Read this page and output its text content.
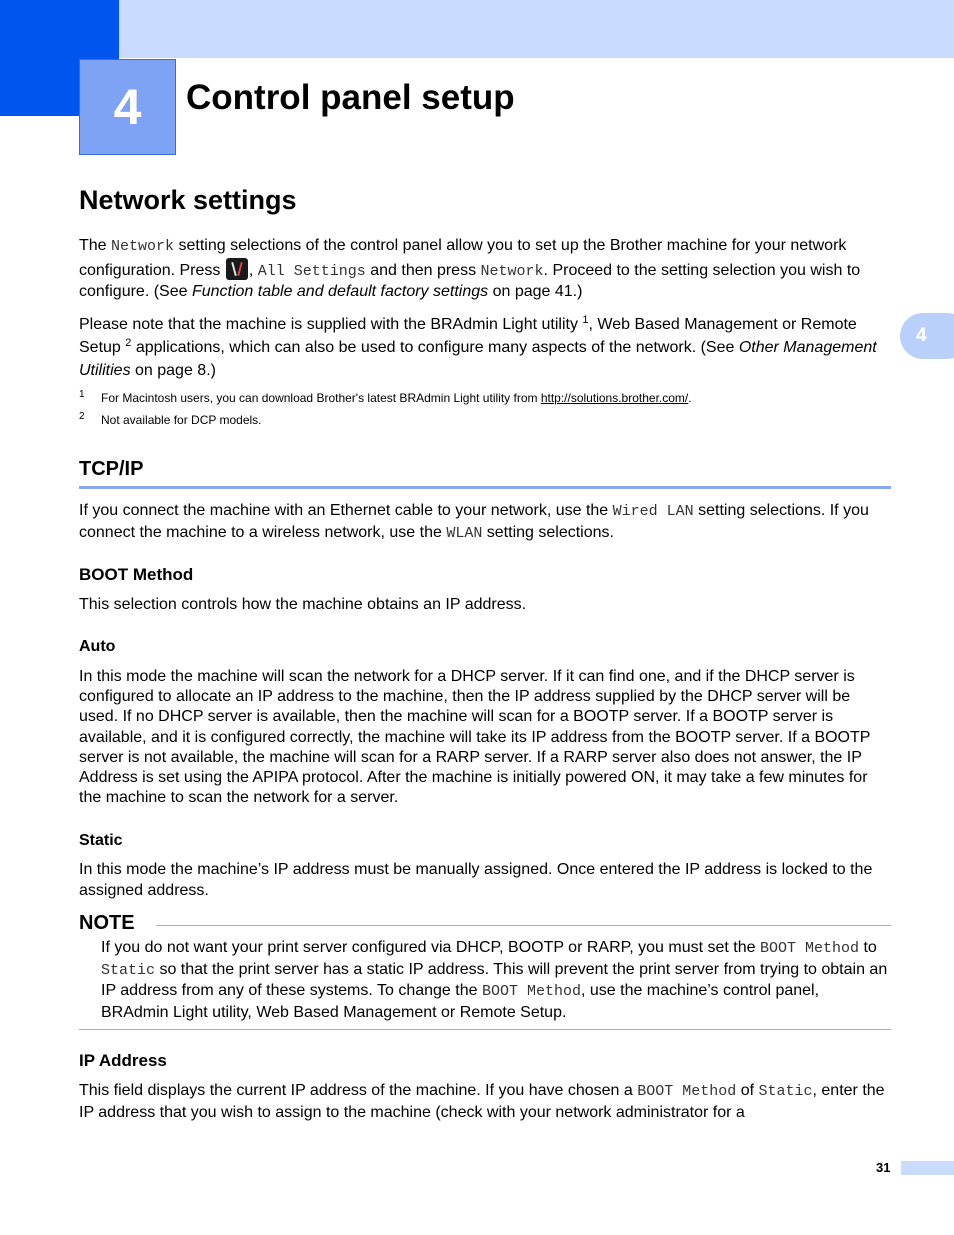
4	Control panel setup
4
Network settings

The Network setting selections of the control panel allow you to set up the Brother machine for your network configuration. Press , All Settings and then press Network. Proceed to the setting selection you wish to configure. (See Function table and default factory settings on page 41.)

Please note that the machine is supplied with the BRAdmin Light utility $^1$, Web Based Management or Remote Setup $^2$ applications, which can also be used to configure many aspects of the network. (See Other Management Utilities on page 8.)

1 For Macintosh users, you can download Brother's latest BRAdmin Light utility from http://solutions.brother.com/.
2 Not available for DCP models.
TCP/IP

If you connect the machine with an Ethernet cable to your network, use the Wired LAN setting selections. If you connect the machine to a wireless network, use the WLAN setting selections.

BOOT Method

This selection controls how the machine obtains an IP address.

Auto

In this mode the machine will scan the network for a DHCP server. If it can find one, and if the DHCP server is configured to allocate an IP address to the machine, then the IP address supplied by the DHCP server will be used. If no DHCP server is available, then the machine will scan for a BOOTP server. If a BOOTP server is available, and it is configured correctly, the machine will take its IP address from the BOOTP server. If a BOOTP server is not available, the machine will scan for a RARP server. If a RARP server also does not answer, the IP Address is set using the APIPA protocol. After the machine is initially powered ON, it may take a few minutes for the machine to scan the network for a server.

Static

In this mode the machine’s IP address must be manually assigned. Once entered the IP address is locked to the assigned address.

NOTE

If you do not want your print server configured via DHCP, BOOTP or RARP, you must set the BOOT Method to Static so that the print server has a static IP address. This will prevent the print server from trying to obtain an IP address from any of these systems. To change the BOOT Method, use the machine’s control panel, BRAdmin Light utility, Web Based Management or Remote Setup.

IP Address

This field displays the current IP address of the machine. If you have chosen a BOOT Method of Static, enter the IP address that you wish to assign to the machine (check with your network administrator for a

31
